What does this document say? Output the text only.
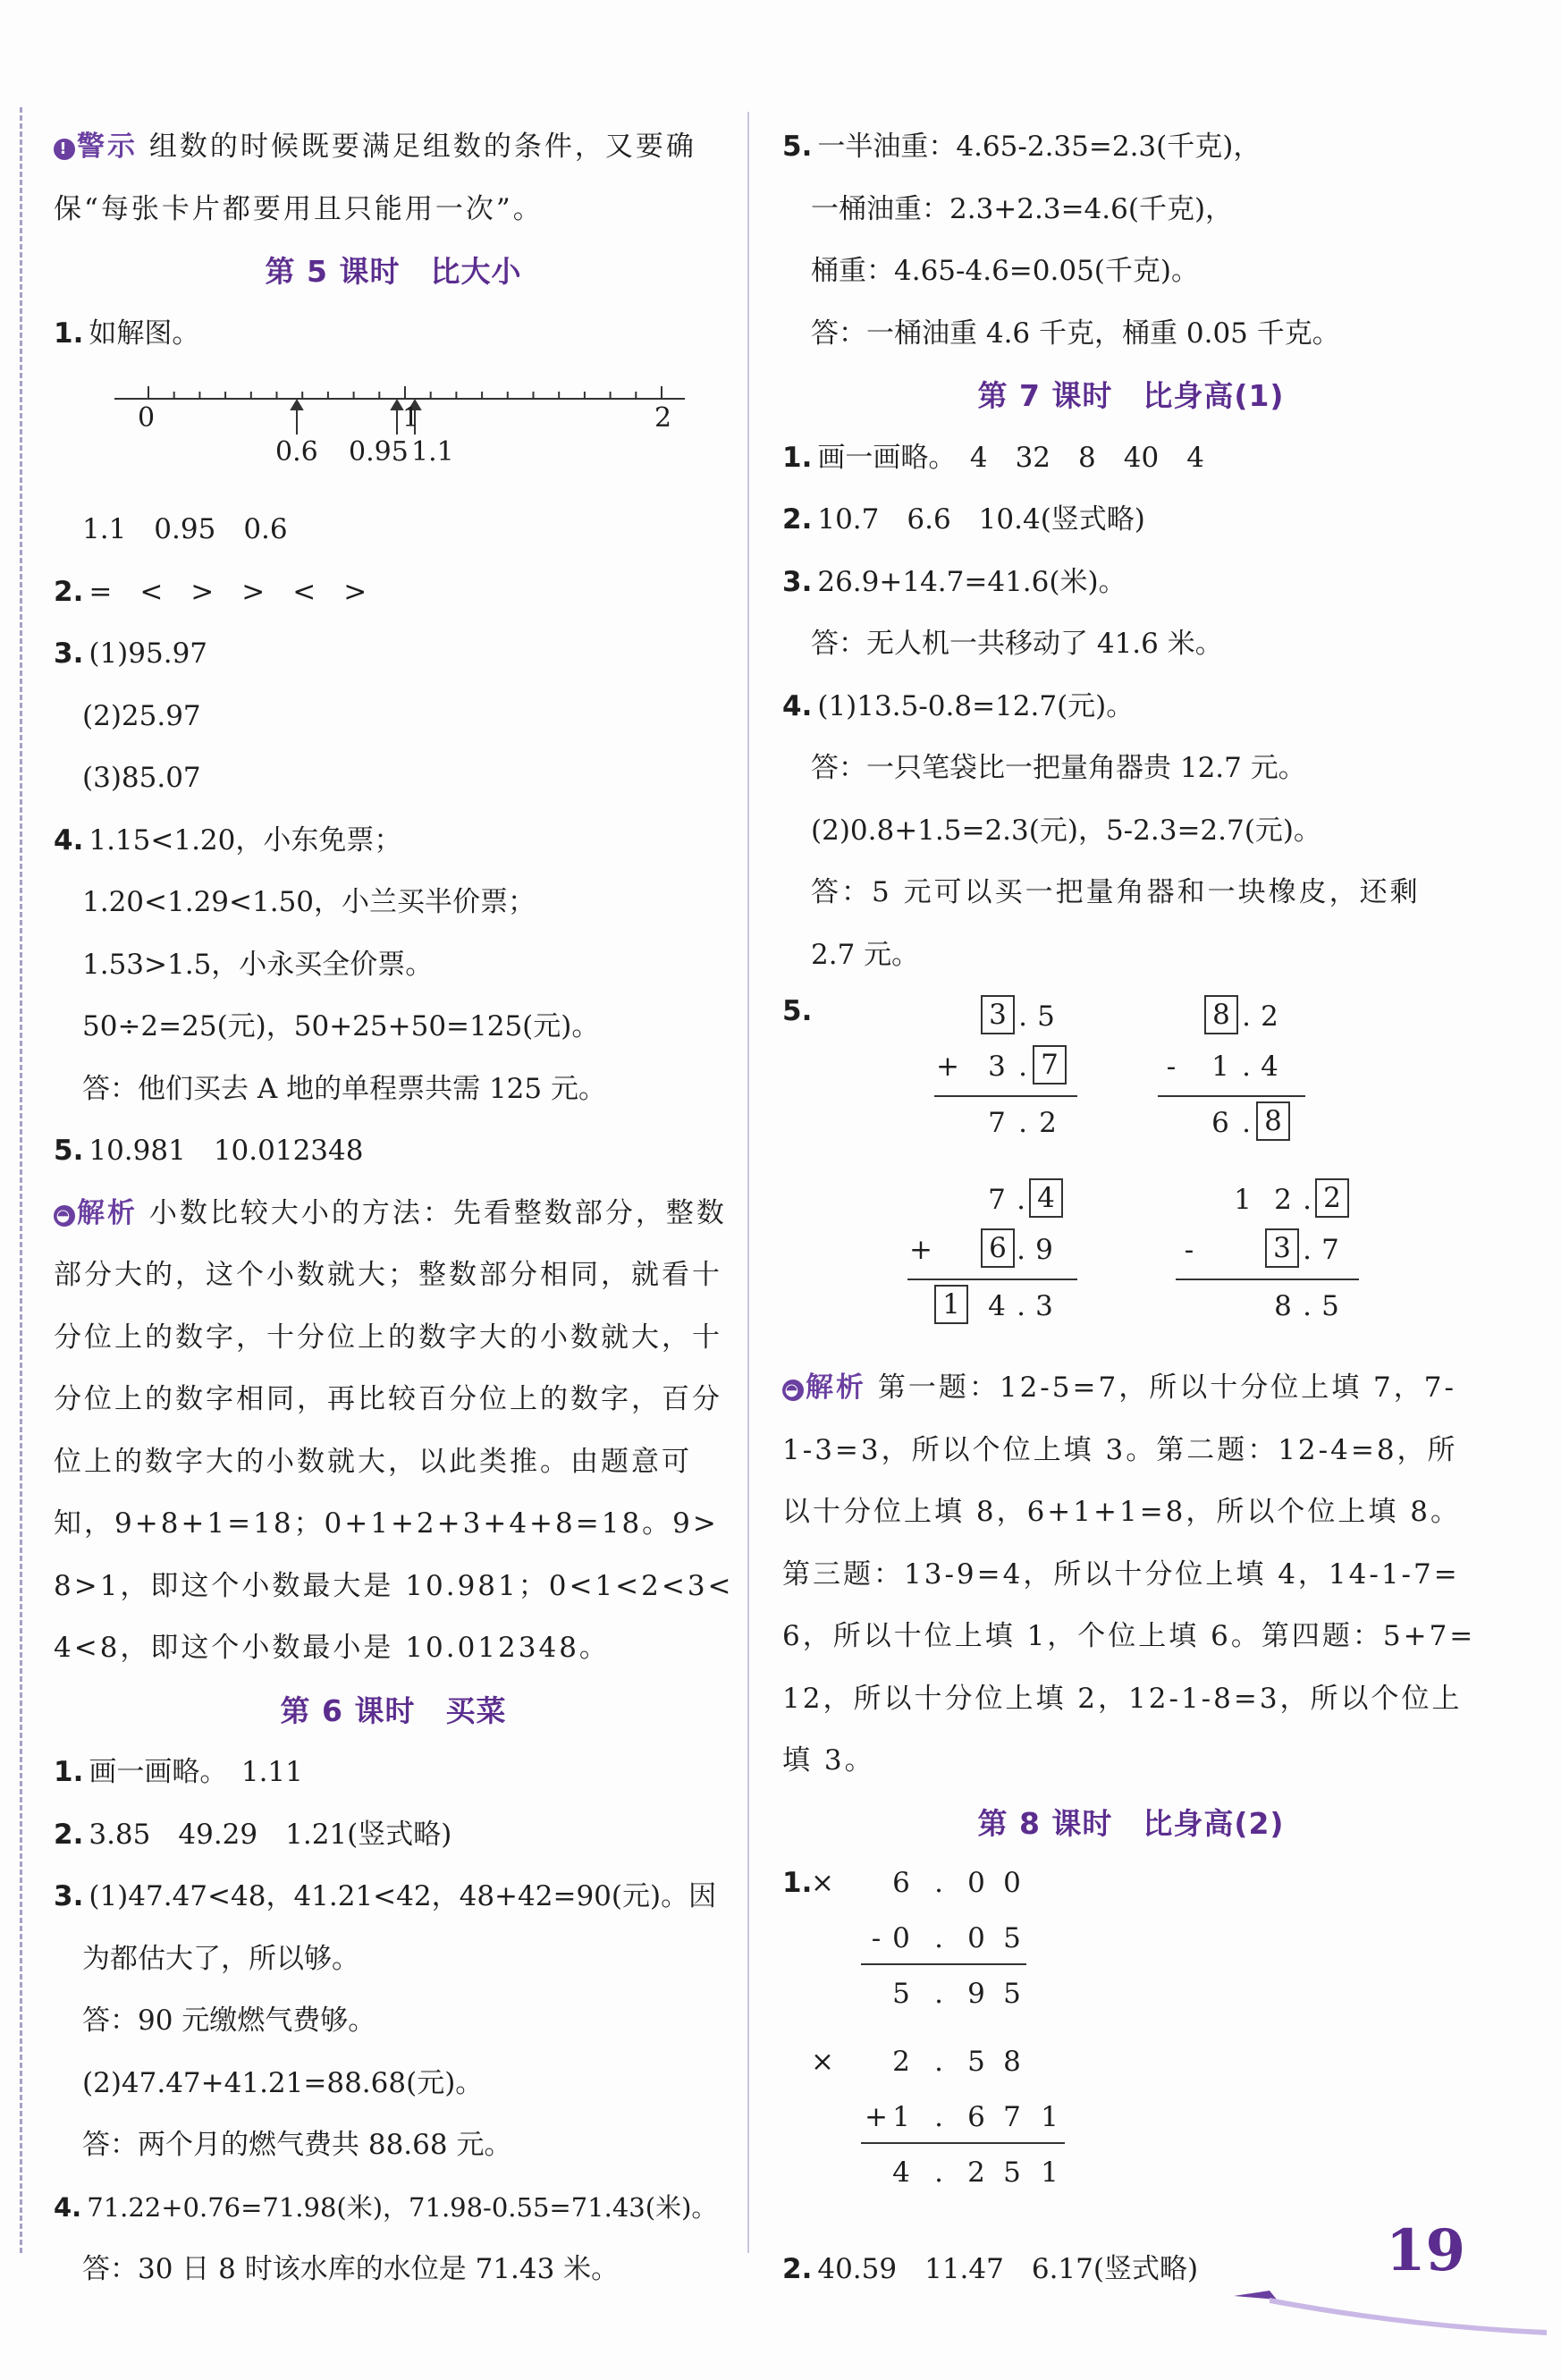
! 警示 组数的时候既要满足组数的条件，又要确
保“每张卡片都要用且只能用一次”。
第 5 课时　比大小
1. 如解图。
0	2
1
0.6 0.95 1.1
1.1　0.95　0.6
2. =　<　>　>　<　>
3. (1)95.97
(2)25.97
(3)85.07
4. 1.15<1.20，小东免票；
1.20<1.29<1.50，小兰买半价票；
1.53>1.5，小永买全价票。
50÷2=25(元)，50+25+50=125(元)。
答：他们买去 A 地的单程票共需 125 元。
5. 10.981　10.012348
◒ 解析 小数比较大小的方法：先看整数部分，整数
部分大的，这个小数就大；整数部分相同，就看十
分位上的数字，十分位上的数字大的小数就大，十
分位上的数字相同，再比较百分位上的数字，百分
位上的数字大的小数就大，以此类推。由题意可
知，9+8+1=18；0+1+2+3+4+8=18。9>
8>1，即这个小数最大是 10.981；0<1<2<3<
4<8，即这个小数最小是 10.012348。
第 6 课时　买菜
1. 画一画略。　1.11
2. 3.85　49.29　1.21(竖式略)
3. (1)47.47<48，41.21<42，48+42=90(元)。因
为都估大了，所以够。
答：90 元缴燃气费够。
(2)47.47+41.21=88.68(元)。
答：两个月的燃气费共 88.68 元。
4. 71.22+0.76=71.98(米)，71.98-0.55=71.43(米)。
答：30 日 8 时该水库的水位是 71.43 米。
5. 一半油重：4.65-2.35=2.3(千克)，
一桶油重：2.3+2.3=4.6(千克)，
桶重：4.65-4.6=0.05(千克)。
答：一桶油重 4.6 千克，桶重 0.05 千克。
第 7 课时　比身高(1)
1. 画一画略。　4　32　8　40　4
2. 10.7　6.6　10.4(竖式略)
3. 26.9+14.7=41.6(米)。
答：无人机一共移动了 41.6 米。
4. (1)13.5-0.8=12.7(元)。
答：一只笔袋比一把量角器贵 12.7 元。
(2)0.8+1.5=2.3(元)，5-2.3=2.7(元)。
答：5 元可以买一把量角器和一块橡皮，还剩
2.7 元。
5.	3 . 5
+ 3 . 7
7 . 2
8 . 2
-	1 . 4
6 . 8
7 . 4
+ 6 . 9
1 4 . 3
1 2 . 2
-	3 . 7
8 . 5
◒ 解析 第一题：12-5=7，所以十分位上填 7，7-
1-3=3，所以个位上填 3。第二题：12-4=8，所
以十分位上填 8，6+1+1=8，所以个位上填 8。
第三题：13-9=4，所以十分位上填 4，14-1-7=
6，所以十位上填 1，个位上填 6。第四题：5+7=
12，所以十分位上填 2，12-1-8=3，所以个位上
填 3。
第 8 课时　比身高(2)
1.
× 6 . 0 0
- 0 . 0 5
5 . 9 5
× 2 . 5 8
+ 1 . 6 7 1
4 . 2 5 1
2. 40.59　11.47　6.17(竖式略)	19
